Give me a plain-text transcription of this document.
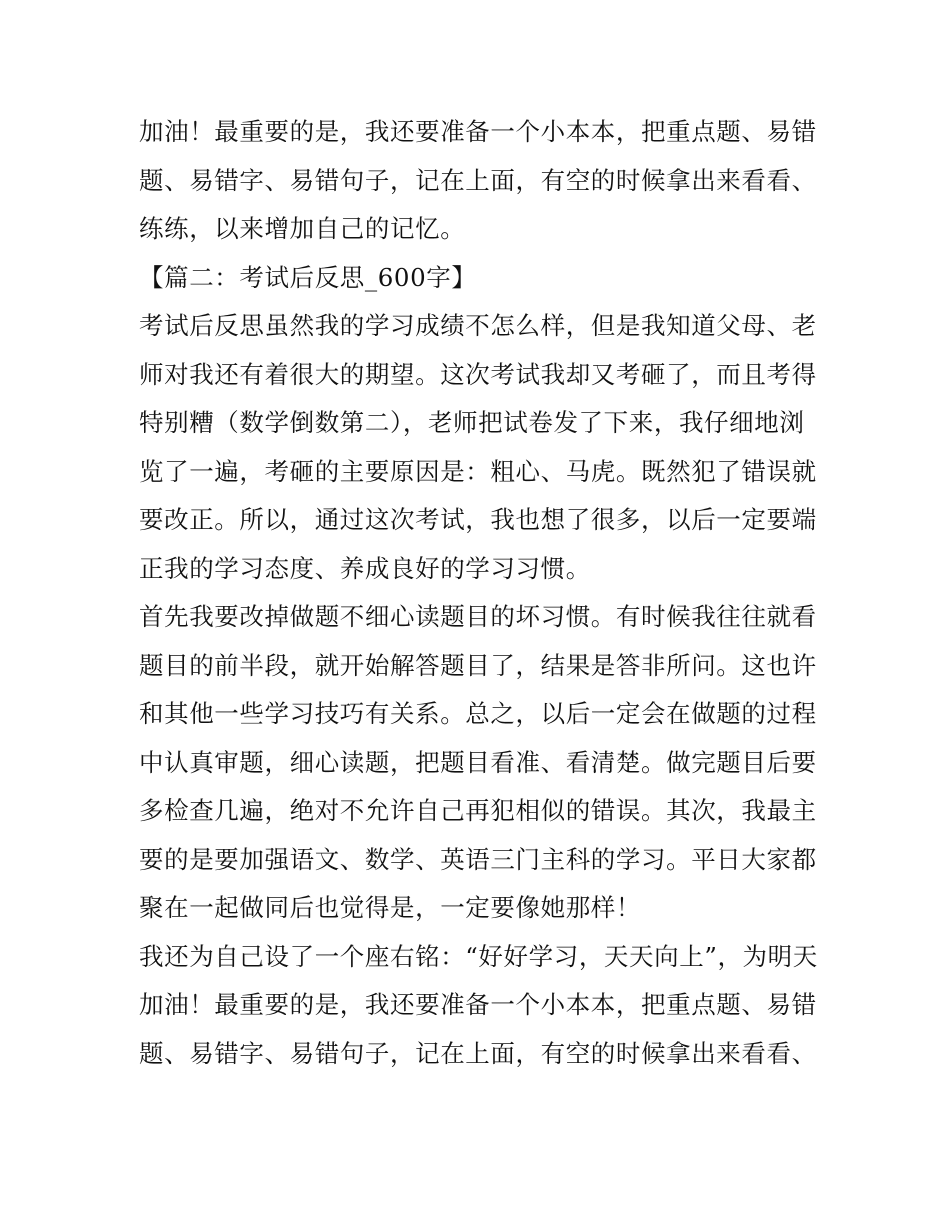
加油！最重要的是，我还要准备一个小本本，把重点题、易错

题、易错字、易错句子，记在上面，有空的时候拿出来看看、

练练，以来增加自己的记忆。

【篇二：考试后反思_600字】

考试后反思虽然我的学习成绩不怎么样，但是我知道父母、老

师对我还有着很大的期望。这次考试我却又考砸了，而且考得

特别糟（数学倒数第二），老师把试卷发了下来，我仔细地浏

览了一遍，考砸的主要原因是：粗心、马虎。既然犯了错误就

要改正。所以，通过这次考试，我也想了很多，以后一定要端

正我的学习态度、养成良好的学习习惯。

首先我要改掉做题不细心读题目的坏习惯。有时候我往往就看

题目的前半段，就开始解答题目了，结果是答非所问。这也许

和其他一些学习技巧有关系。总之，以后一定会在做题的过程

中认真审题，细心读题，把题目看准、看清楚。做完题目后要

多检查几遍，绝对不允许自己再犯相似的错误。其次，我最主

要的是要加强语文、数学、英语三门主科的学习。平日大家都

聚在一起做同后也觉得是，一定要像她那样！

我还为自己设了一个座右铭：“好好学习，天天向上”，为明天

加油！最重要的是，我还要准备一个小本本，把重点题、易错

题、易错字、易错句子，记在上面，有空的时候拿出来看看、
